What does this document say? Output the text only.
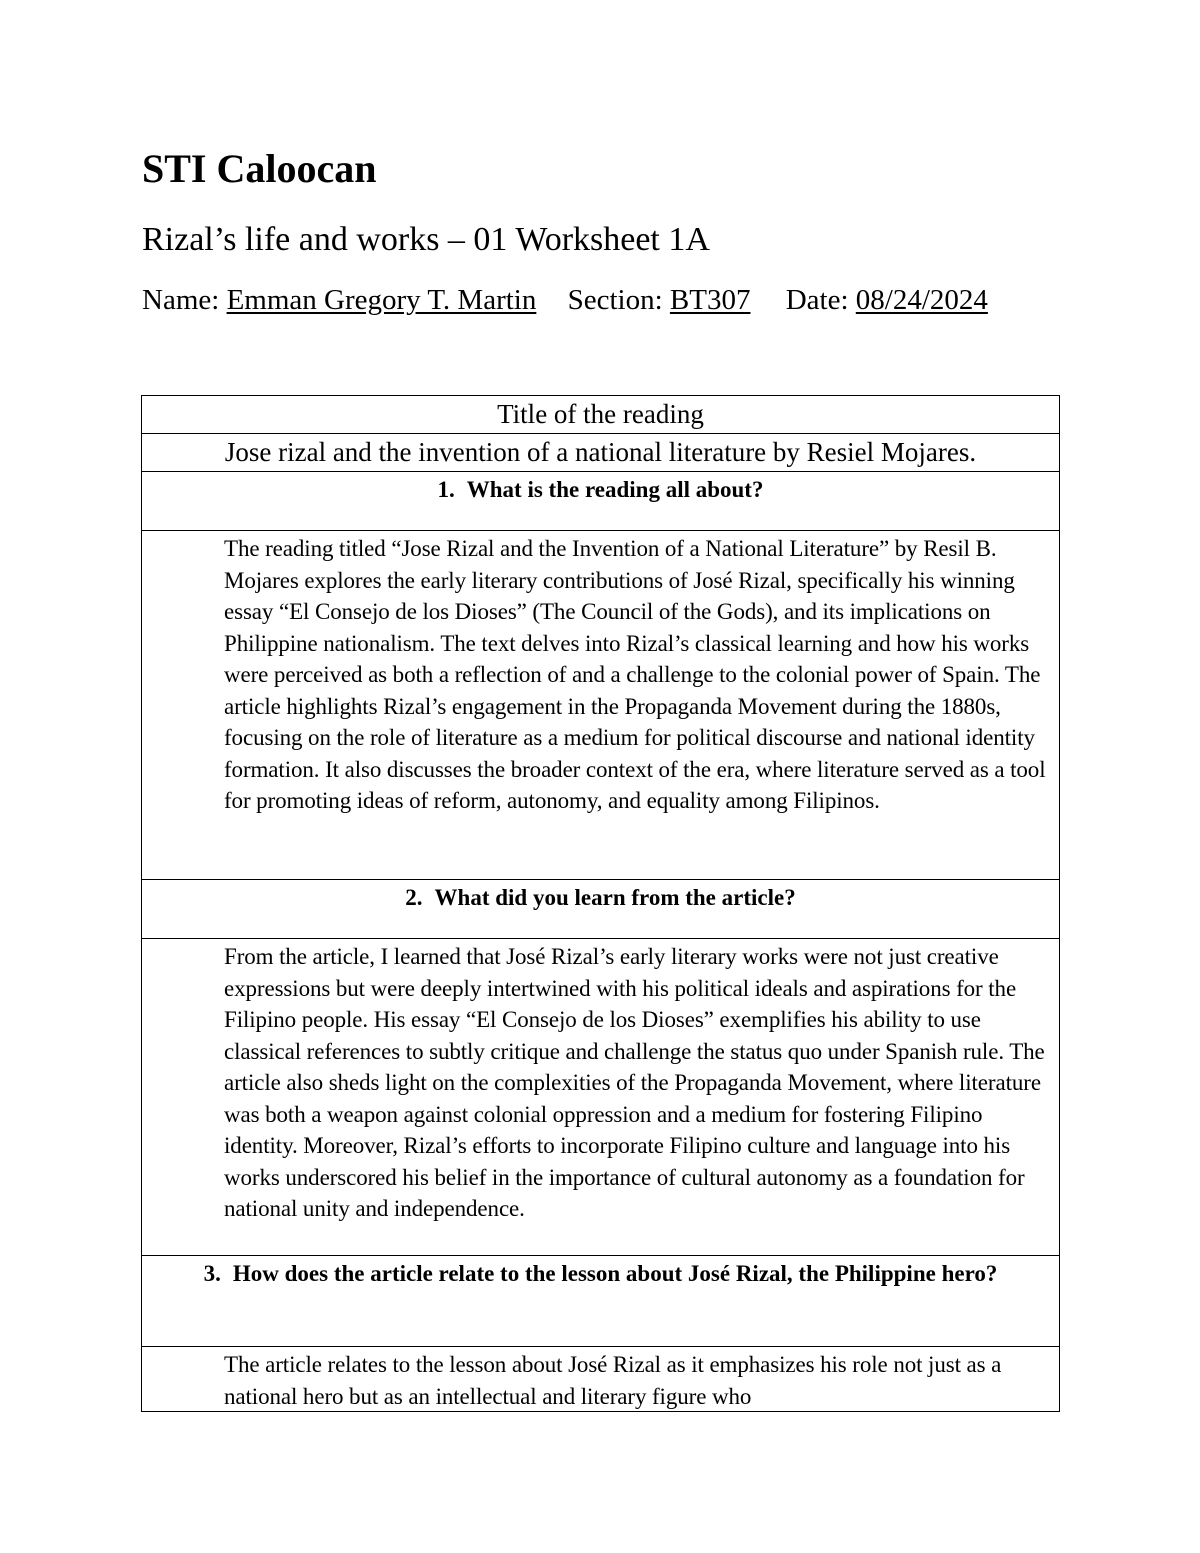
STI Caloocan
Rizal’s life and works – 01 Worksheet 1A
Name: Emman Gregory T. Martin Section: BT307 Date: 08/24/2024
Title of the reading
Jose rizal and the invention of a national literature by Resiel Mojares.
1. What is the reading all about?
The reading titled “Jose Rizal and the Invention of a National Literature” by Resil B. Mojares explores the early literary contributions of José Rizal, specifically his winning essay “El Consejo de los Dioses” (The Council of the Gods), and its implications on Philippine nationalism. The text delves into Rizal’s classical learning and how his works were perceived as both a reflection of and a challenge to the colonial power of Spain. The article highlights Rizal’s engagement in the Propaganda Movement during the 1880s, focusing on the role of literature as a medium for political discourse and national identity formation. It also discusses the broader context of the era, where literature served as a tool for promoting ideas of reform, autonomy, and equality among Filipinos.
2. What did you learn from the article?
From the article, I learned that José Rizal’s early literary works were not just creative expressions but were deeply intertwined with his political ideals and aspirations for the Filipino people. His essay “El Consejo de los Dioses” exemplifies his ability to use classical references to subtly critique and challenge the status quo under Spanish rule. The article also sheds light on the complexities of the Propaganda Movement, where literature was both a weapon against colonial oppression and a medium for fostering Filipino identity. Moreover, Rizal’s efforts to incorporate Filipino culture and language into his works underscored his belief in the importance of cultural autonomy as a foundation for national unity and independence.
3. How does the article relate to the lesson about José Rizal, the Philippine hero?

The article relates to the lesson about José Rizal as it emphasizes his role not just as a national hero but as an intellectual and literary figure who
